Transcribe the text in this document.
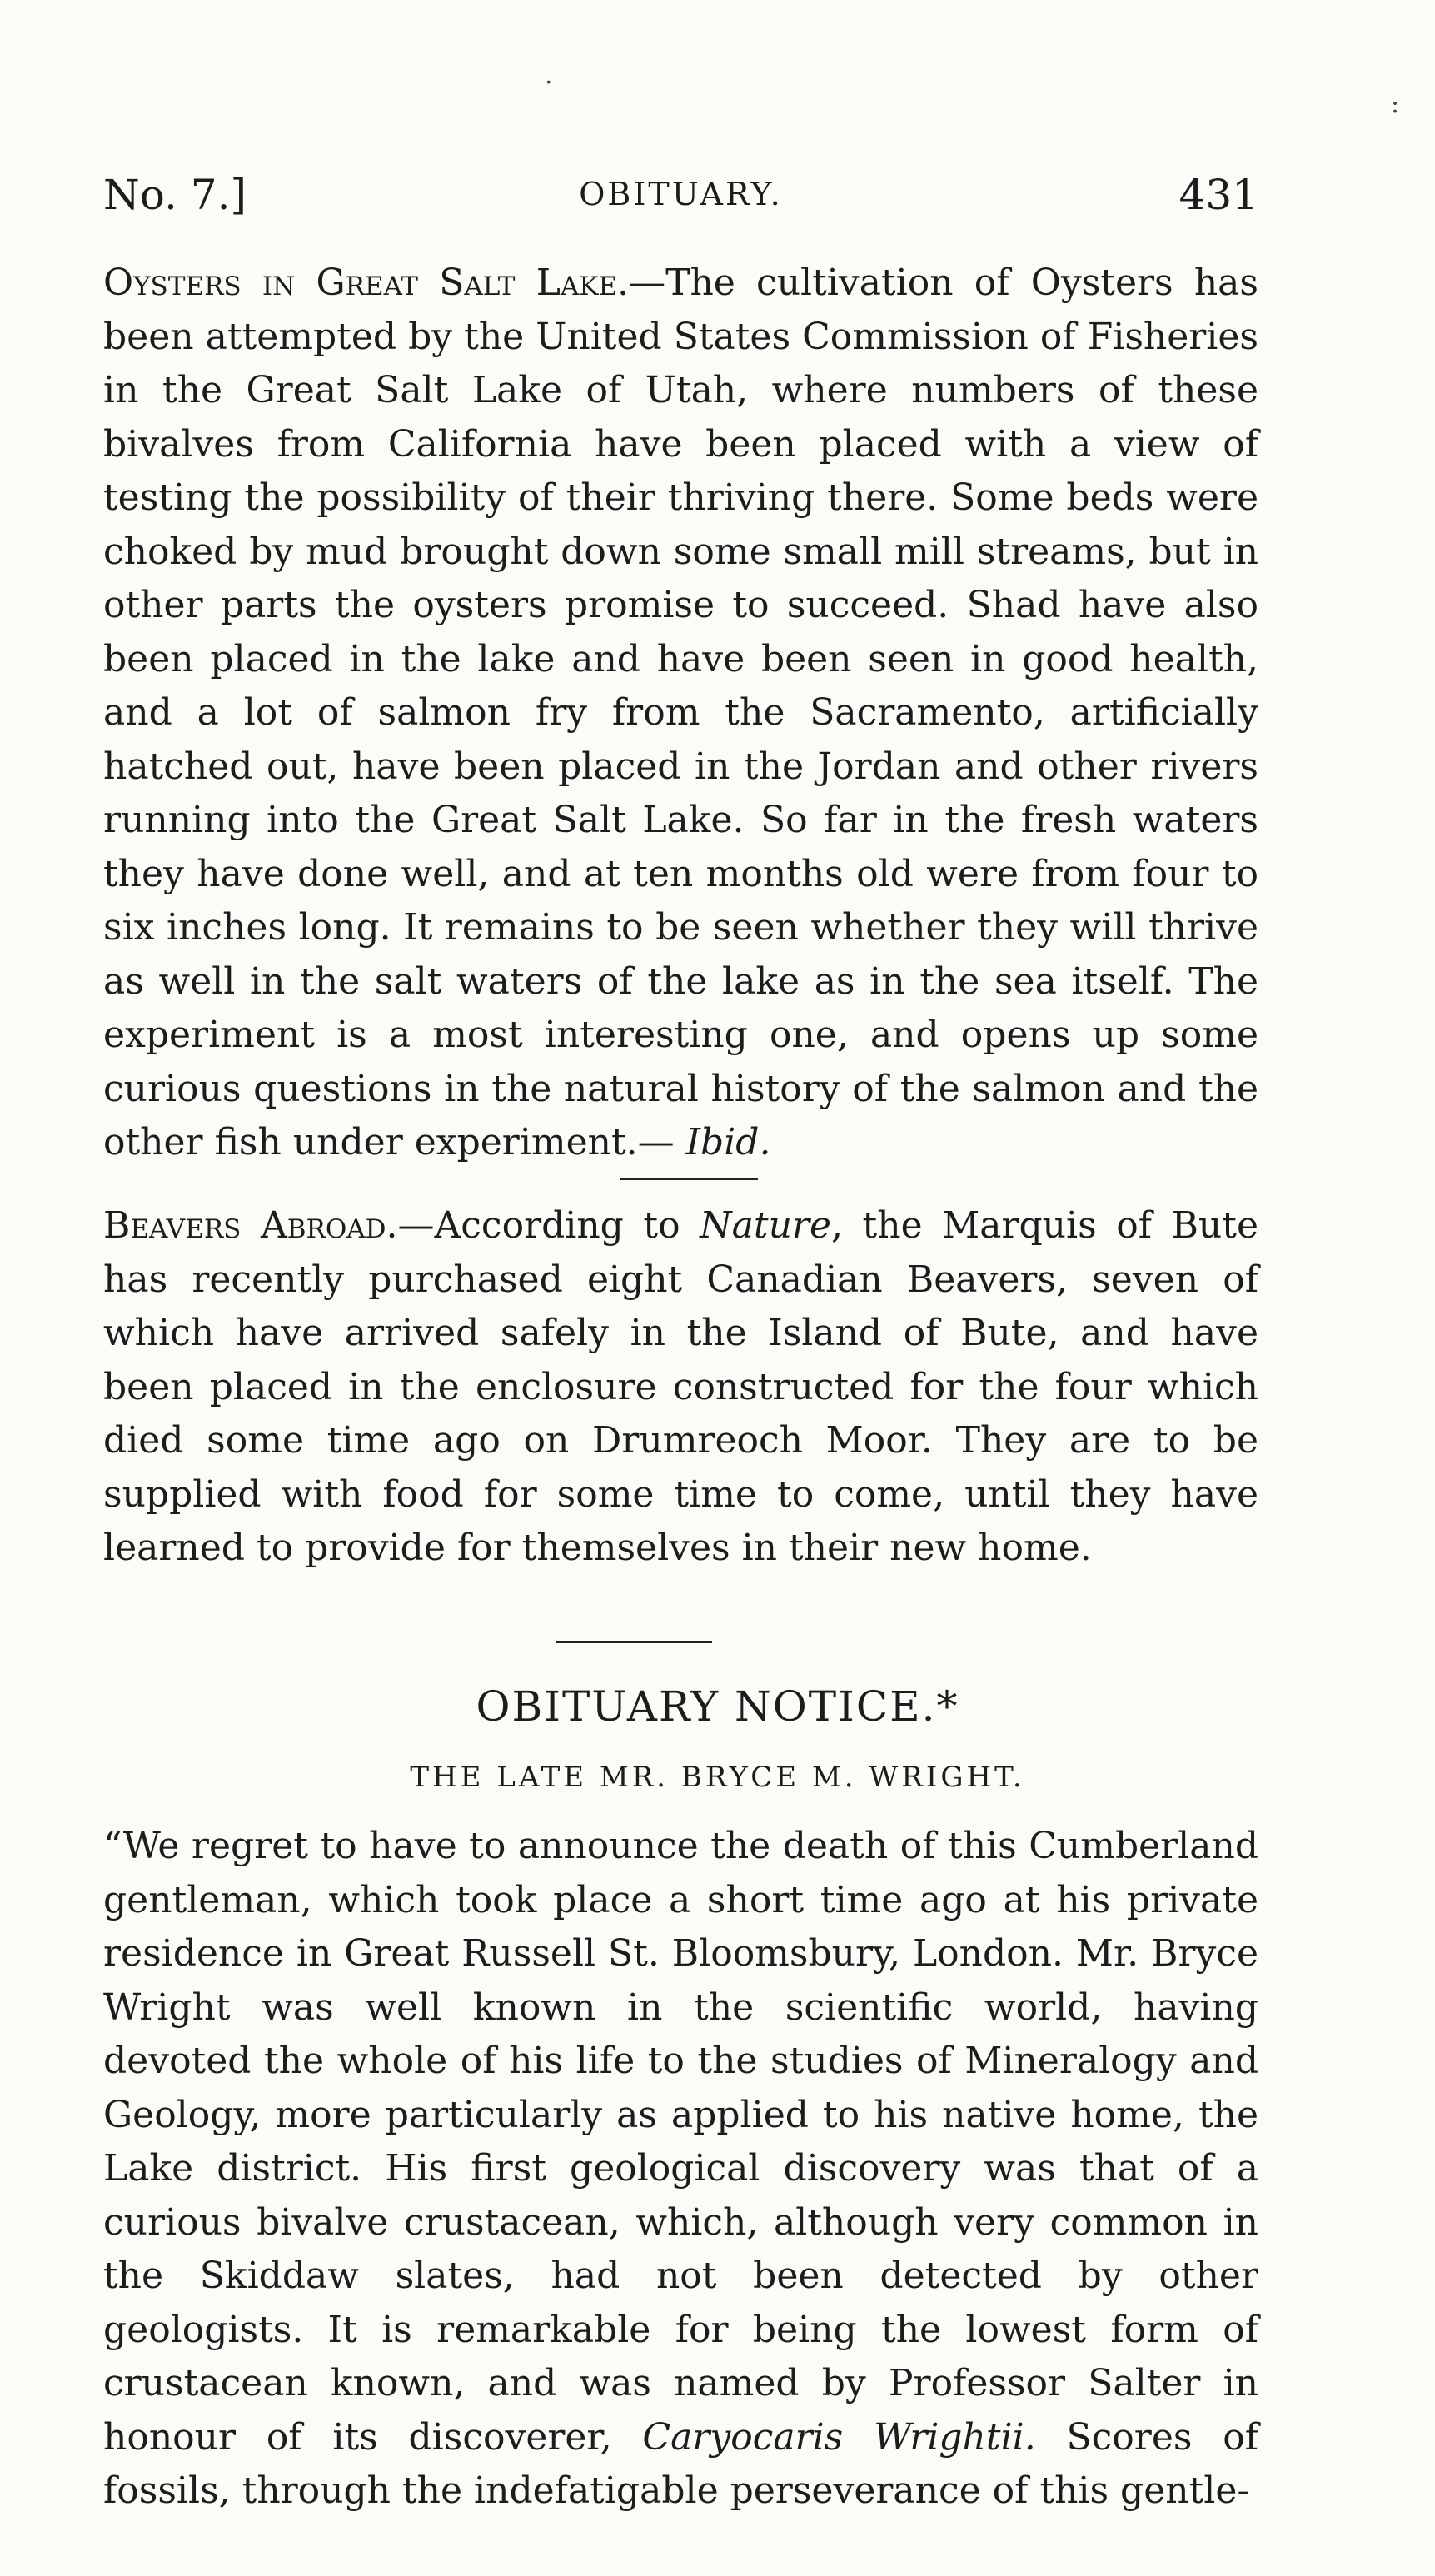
·
:
No. 7.]	OBITUARY.	431
Oysters in Great Salt Lake.—The cultivation of Oysters has been attempted by the United States Commission of Fisheries in the Great Salt Lake of Utah, where numbers of these bivalves from California have been placed with a view of testing the possibility of their thriving there. Some beds were choked by mud brought down some small mill streams, but in other parts the oysters promise to succeed. Shad have also been placed in the lake and have been seen in good health, and a lot of salmon fry from the Sacramento, artificially hatched out, have been placed in the Jordan and other rivers running into the Great Salt Lake. So far in the fresh waters they have done well, and at ten months old were from four to six inches long. It remains to be seen whether they will thrive as well in the salt waters of the lake as in the sea itself. The experiment is a most interesting one, and opens up some curious questions in the natural history of the salmon and the other fish under experiment.— Ibid.
Beavers Abroad.—According to Nature, the Marquis of Bute has recently purchased eight Canadian Beavers, seven of which have arrived safely in the Island of Bute, and have been placed in the enclosure constructed for the four which died some time ago on Drumreoch Moor. They are to be supplied with food for some time to come, until they have learned to provide for themselves in their new home.
OBITUARY NOTICE.*
THE LATE MR. BRYCE M. WRIGHT.
“We regret to have to announce the death of this Cumberland gentleman, which took place a short time ago at his private residence in Great Russell St. Bloomsbury, London. Mr. Bryce Wright was well known in the scientific world, having devoted the whole of his life to the studies of Mineralogy and Geology, more particularly as applied to his native home, the Lake district. His first geological discovery was that of a curious bivalve crustacean, which, although very common in the Skiddaw slates, had not been detected by other geologists. It is remarkable for being the lowest form of crustacean known, and was named by Professor Salter in honour of its discoverer, Caryocaris Wrightii. Scores of fossils, through the indefatigable perseverance of this gentle-
